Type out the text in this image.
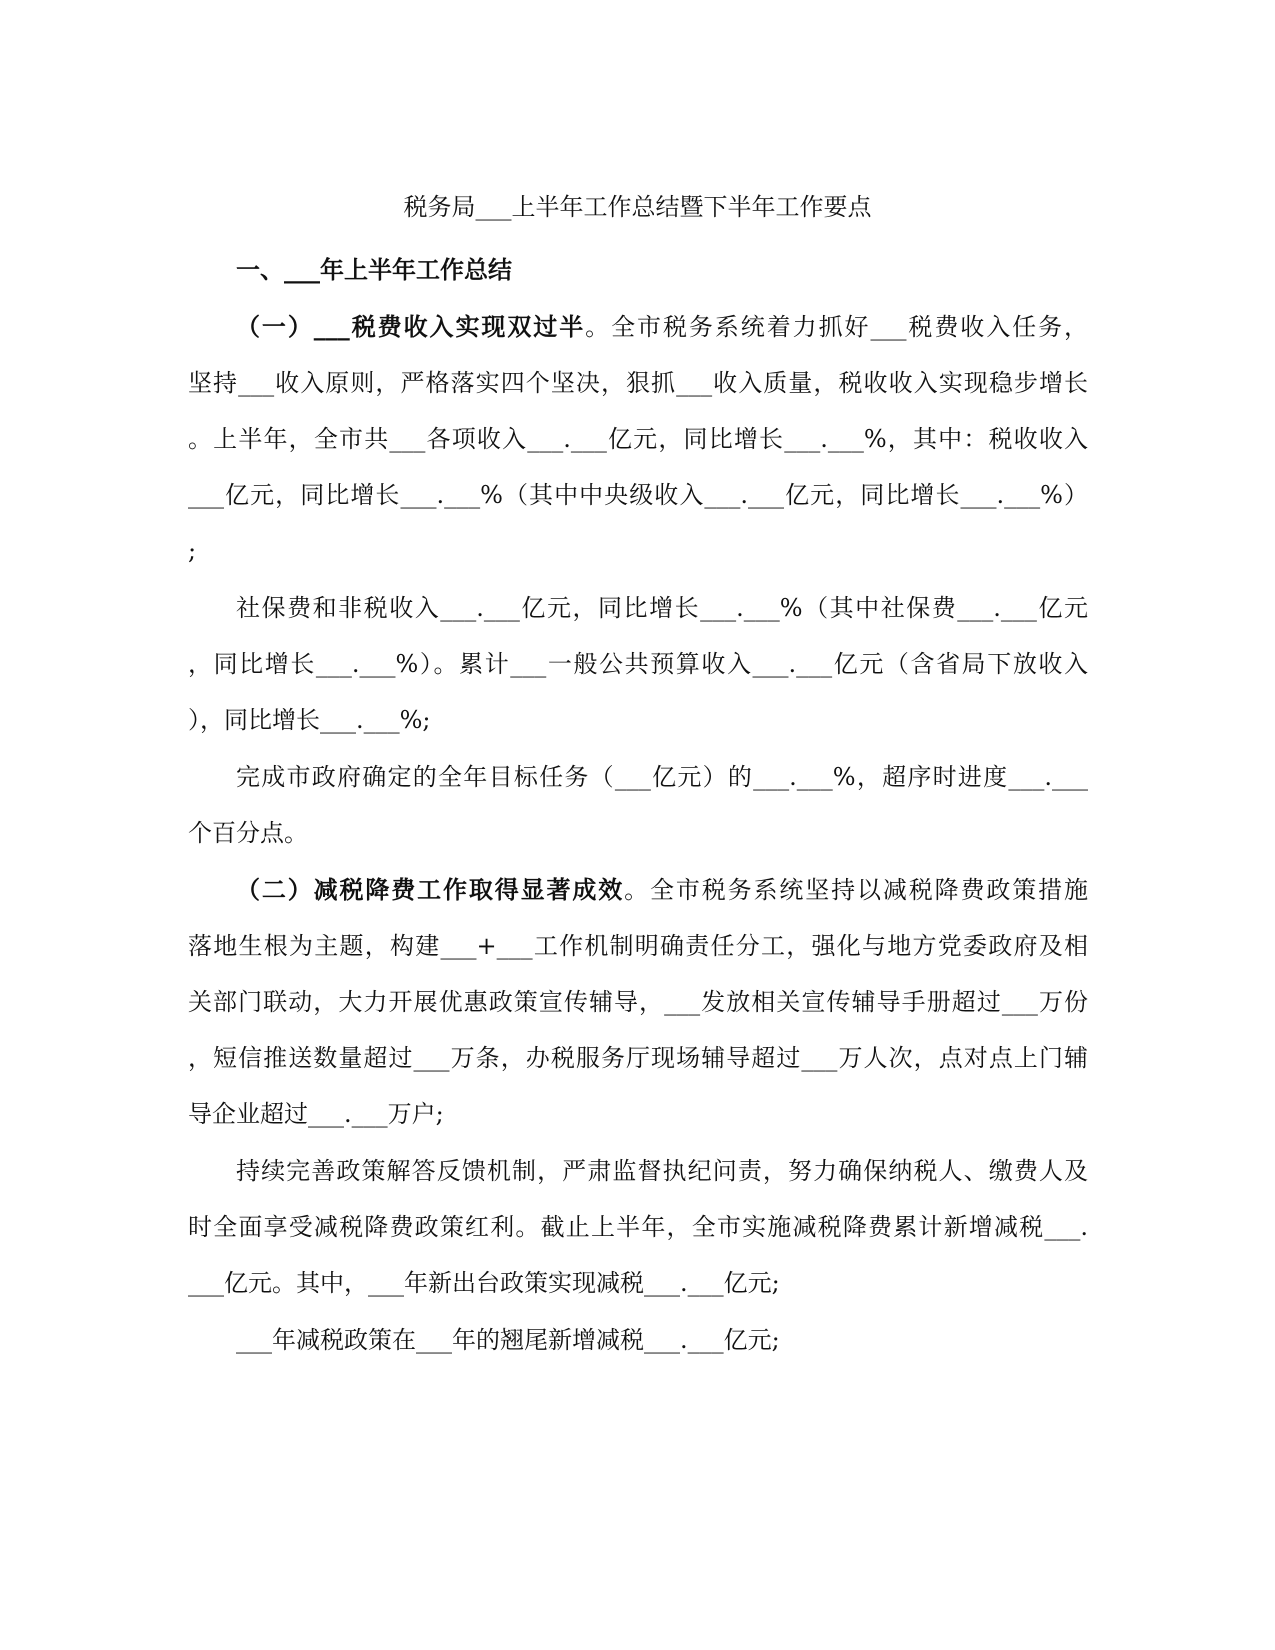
税务局___上半年工作总结暨下半年工作要点
一、___年上半年工作总结
（一）___税费收入实现双过半。全市税务系统着力抓好___税费收入任务，
坚持___收入原则，严格落实四个坚决，狠抓___收入质量，税收收入实现稳步增长
。上半年，全市共___各项收入___.___亿元，同比增长___.___%，其中：税收收入
___亿元，同比增长___.___%（其中中央级收入___.___亿元，同比增长___.___%）
;
社保费和非税收入___.___亿元，同比增长___.___%（其中社保费___.___亿元
，同比增长___.___%）。累计___一般公共预算收入___.___亿元（含省局下放收入
），同比增长___.___%;
完成市政府确定的全年目标任务（___亿元）的___.___%，超序时进度___.___
个百分点。
（二）减税降费工作取得显著成效。全市税务系统坚持以减税降费政策措施
落地生根为主题，构建___+___工作机制明确责任分工，强化与地方党委政府及相
关部门联动，大力开展优惠政策宣传辅导，___发放相关宣传辅导手册超过___万份
，短信推送数量超过___万条，办税服务厅现场辅导超过___万人次，点对点上门辅
导企业超过___.___万户;
持续完善政策解答反馈机制，严肃监督执纪问责，努力确保纳税人、缴费人及
时全面享受减税降费政策红利。截止上半年，全市实施减税降费累计新增减税___.
___亿元。其中，___年新出台政策实现减税___.___亿元;
___年减税政策在___年的翘尾新增减税___.___亿元;
